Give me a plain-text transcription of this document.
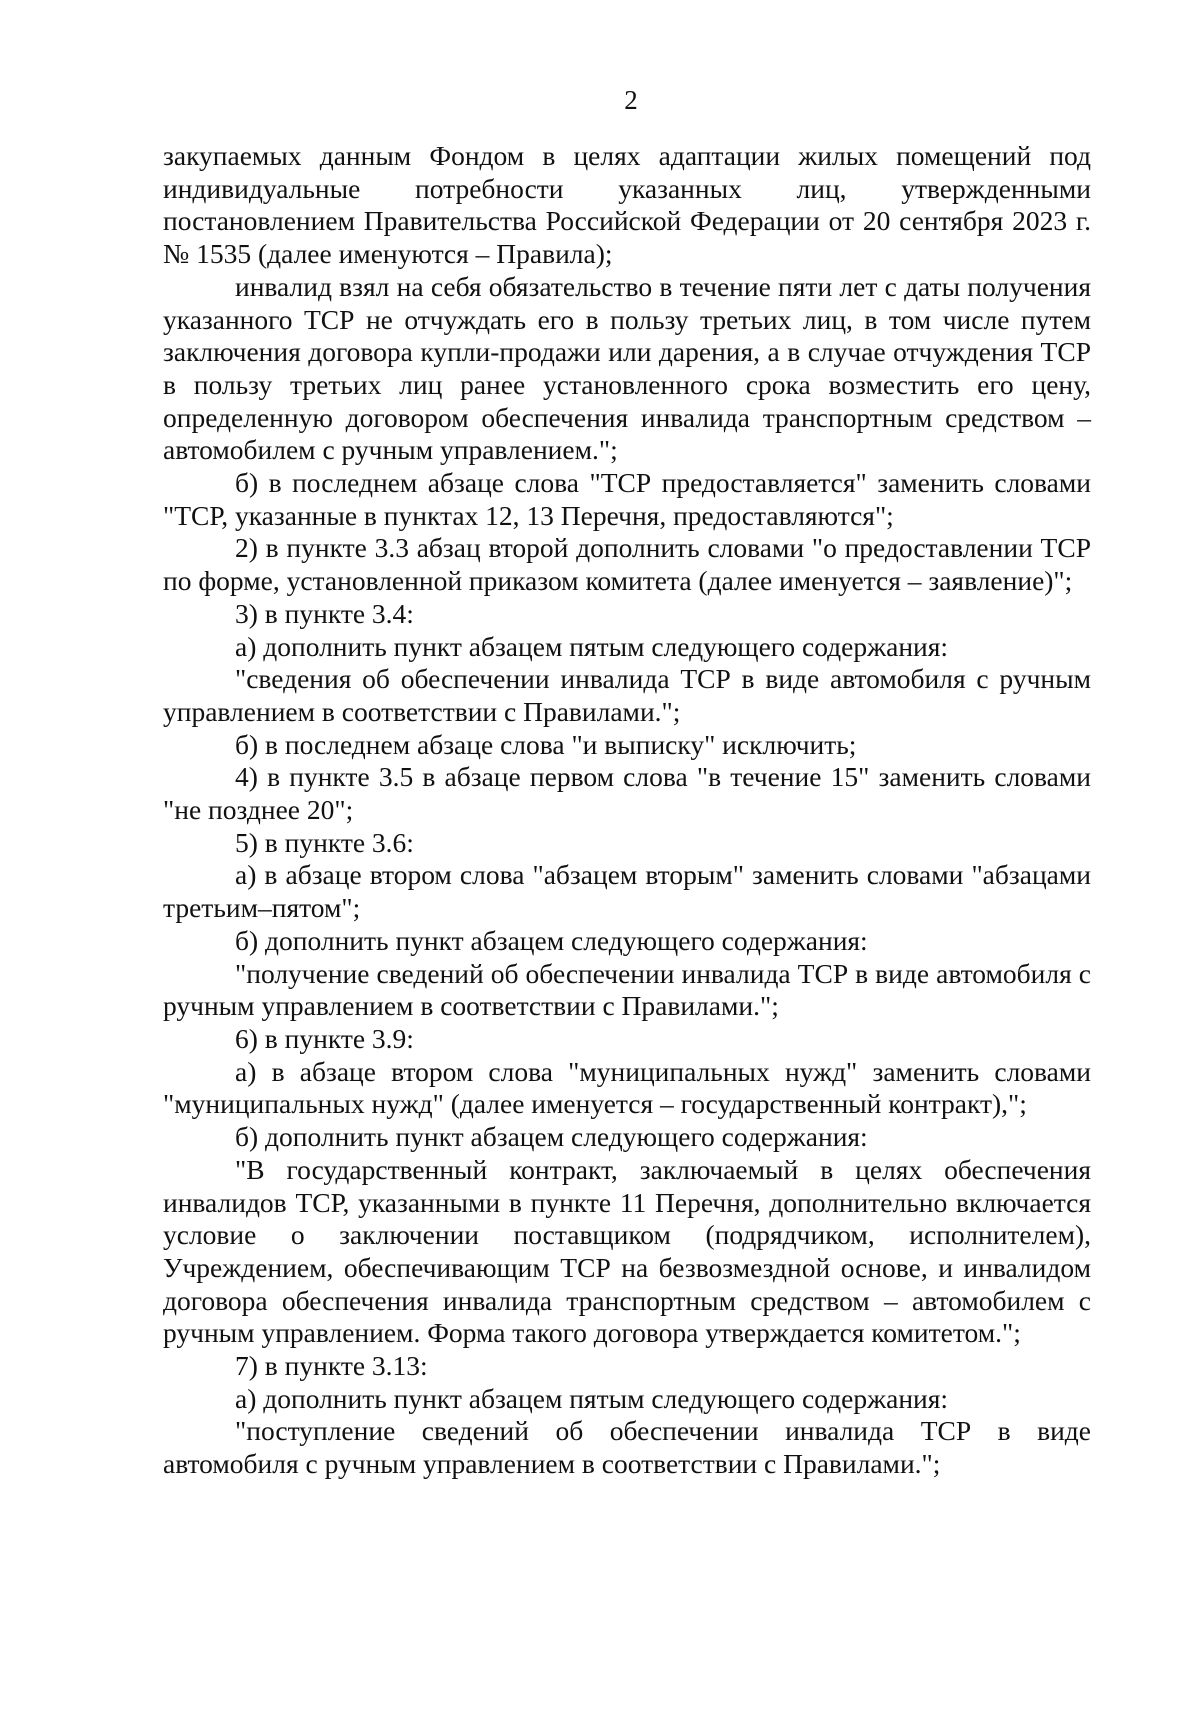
2

закупаемых данным Фондом в целях адаптации жилых помещений под индивидуальные потребности указанных лиц, утвержденными постановлением Правительства Российской Федерации от 20 сентября 2023 г. № 1535 (далее именуются – Правила);

инвалид взял на себя обязательство в течение пяти лет с даты получения указанного ТСР не отчуждать его в пользу третьих лиц, в том числе путем заключения договора купли-продажи или дарения, а в случае отчуждения ТСР в пользу третьих лиц ранее установленного срока возместить его цену, определенную договором обеспечения инвалида транспортным средством – автомобилем с ручным управлением.";

б) в последнем абзаце слова "ТСР предоставляется" заменить словами "ТСР, указанные в пунктах 12, 13 Перечня, предоставляются";

2) в пункте 3.3 абзац второй дополнить словами "о предоставлении ТСР по форме, установленной приказом комитета (далее именуется – заявление)";

3) в пункте 3.4:

а) дополнить пункт абзацем пятым следующего содержания:

"сведения об обеспечении инвалида ТСР в виде автомобиля с ручным управлением в соответствии с Правилами.";

б) в последнем абзаце слова "и выписку" исключить;

4) в пункте 3.5 в абзаце первом слова "в течение 15" заменить словами "не позднее 20";

5) в пункте 3.6:

а) в абзаце втором слова "абзацем вторым" заменить словами "абзацами третьим–пятом";

б) дополнить пункт абзацем следующего содержания:

"получение сведений об обеспечении инвалида ТСР в виде автомобиля с ручным управлением в соответствии с Правилами.";

6) в пункте 3.9:

а) в абзаце втором слова "муниципальных нужд" заменить словами "муниципальных нужд" (далее именуется – государственный контракт),";

б) дополнить пункт абзацем следующего содержания:

"В государственный контракт, заключаемый в целях обеспечения инвалидов ТСР, указанными в пункте 11 Перечня, дополнительно включается условие о заключении поставщиком (подрядчиком, исполнителем), Учреждением, обеспечивающим ТСР на безвозмездной основе, и инвалидом договора обеспечения инвалида транспортным средством – автомобилем с ручным управлением. Форма такого договора утверждается комитетом.";

7) в пункте 3.13:

а) дополнить пункт абзацем пятым следующего содержания:

"поступление сведений об обеспечении инвалида ТСР в виде автомобиля с ручным управлением в соответствии с Правилами.";
